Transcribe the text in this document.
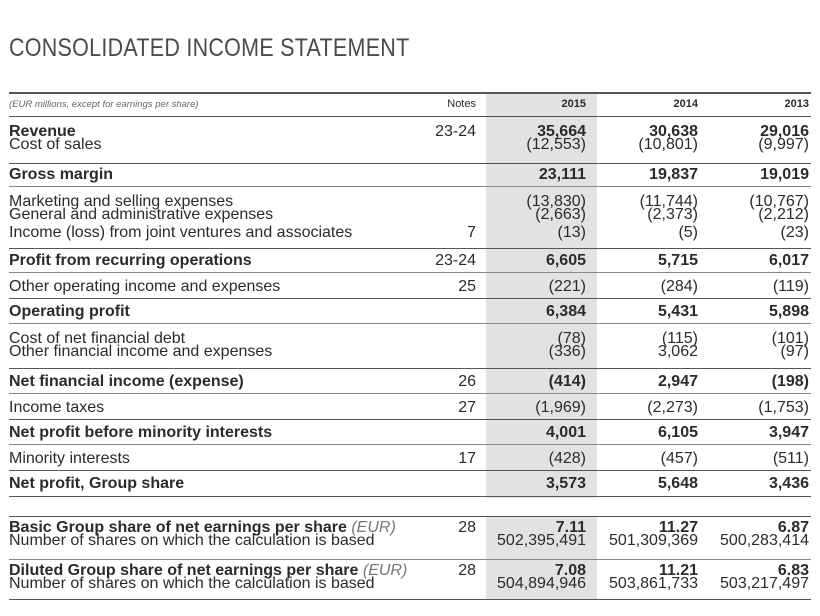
CONSOLIDATED INCOME STATEMENT
(EUR millions, except for earnings per share)	Notes	2015	2014	2013
Revenue	23-24	35,664	30,638	29,016
Cost of sales	(12,553)	(10,801)	(9,997)
Gross margin	23,111	19,837	19,019
Marketing and selling expenses	(13,830)	(11,744)	(10,767)
General and administrative expenses	(2,663)	(2,373)	(2,212)
Income (loss) from joint ventures and associates	7	(13)	(5)	(23)
Profit from recurring operations	23-24	6,605	5,715	6,017
Other operating income and expenses	25	(221)	(284)	(119)
Operating profit	6,384	5,431	5,898
Cost of net financial debt	(78)	(115)	(101)
Other financial income and expenses	(336)	3,062	(97)
Net financial income (expense)	26	(414)	2,947	(198)
Income taxes	27	(1,969)	(2,273)	(1,753)
Net profit before minority interests	4,001	6,105	3,947
Minority interests	17	(428)	(457)	(511)
Net profit, Group share	3,573	5,648	3,436
Basic Group share of net earnings per share (EUR)	28	7.11	11.27	6.87
Number of shares on which the calculation is based	502,395,491 501,309,369 500,283,414
Diluted Group share of net earnings per share (EUR)	28	7.08	11.21	6.83
Number of shares on which the calculation is based	504,894,946 503,861,733 503,217,497
